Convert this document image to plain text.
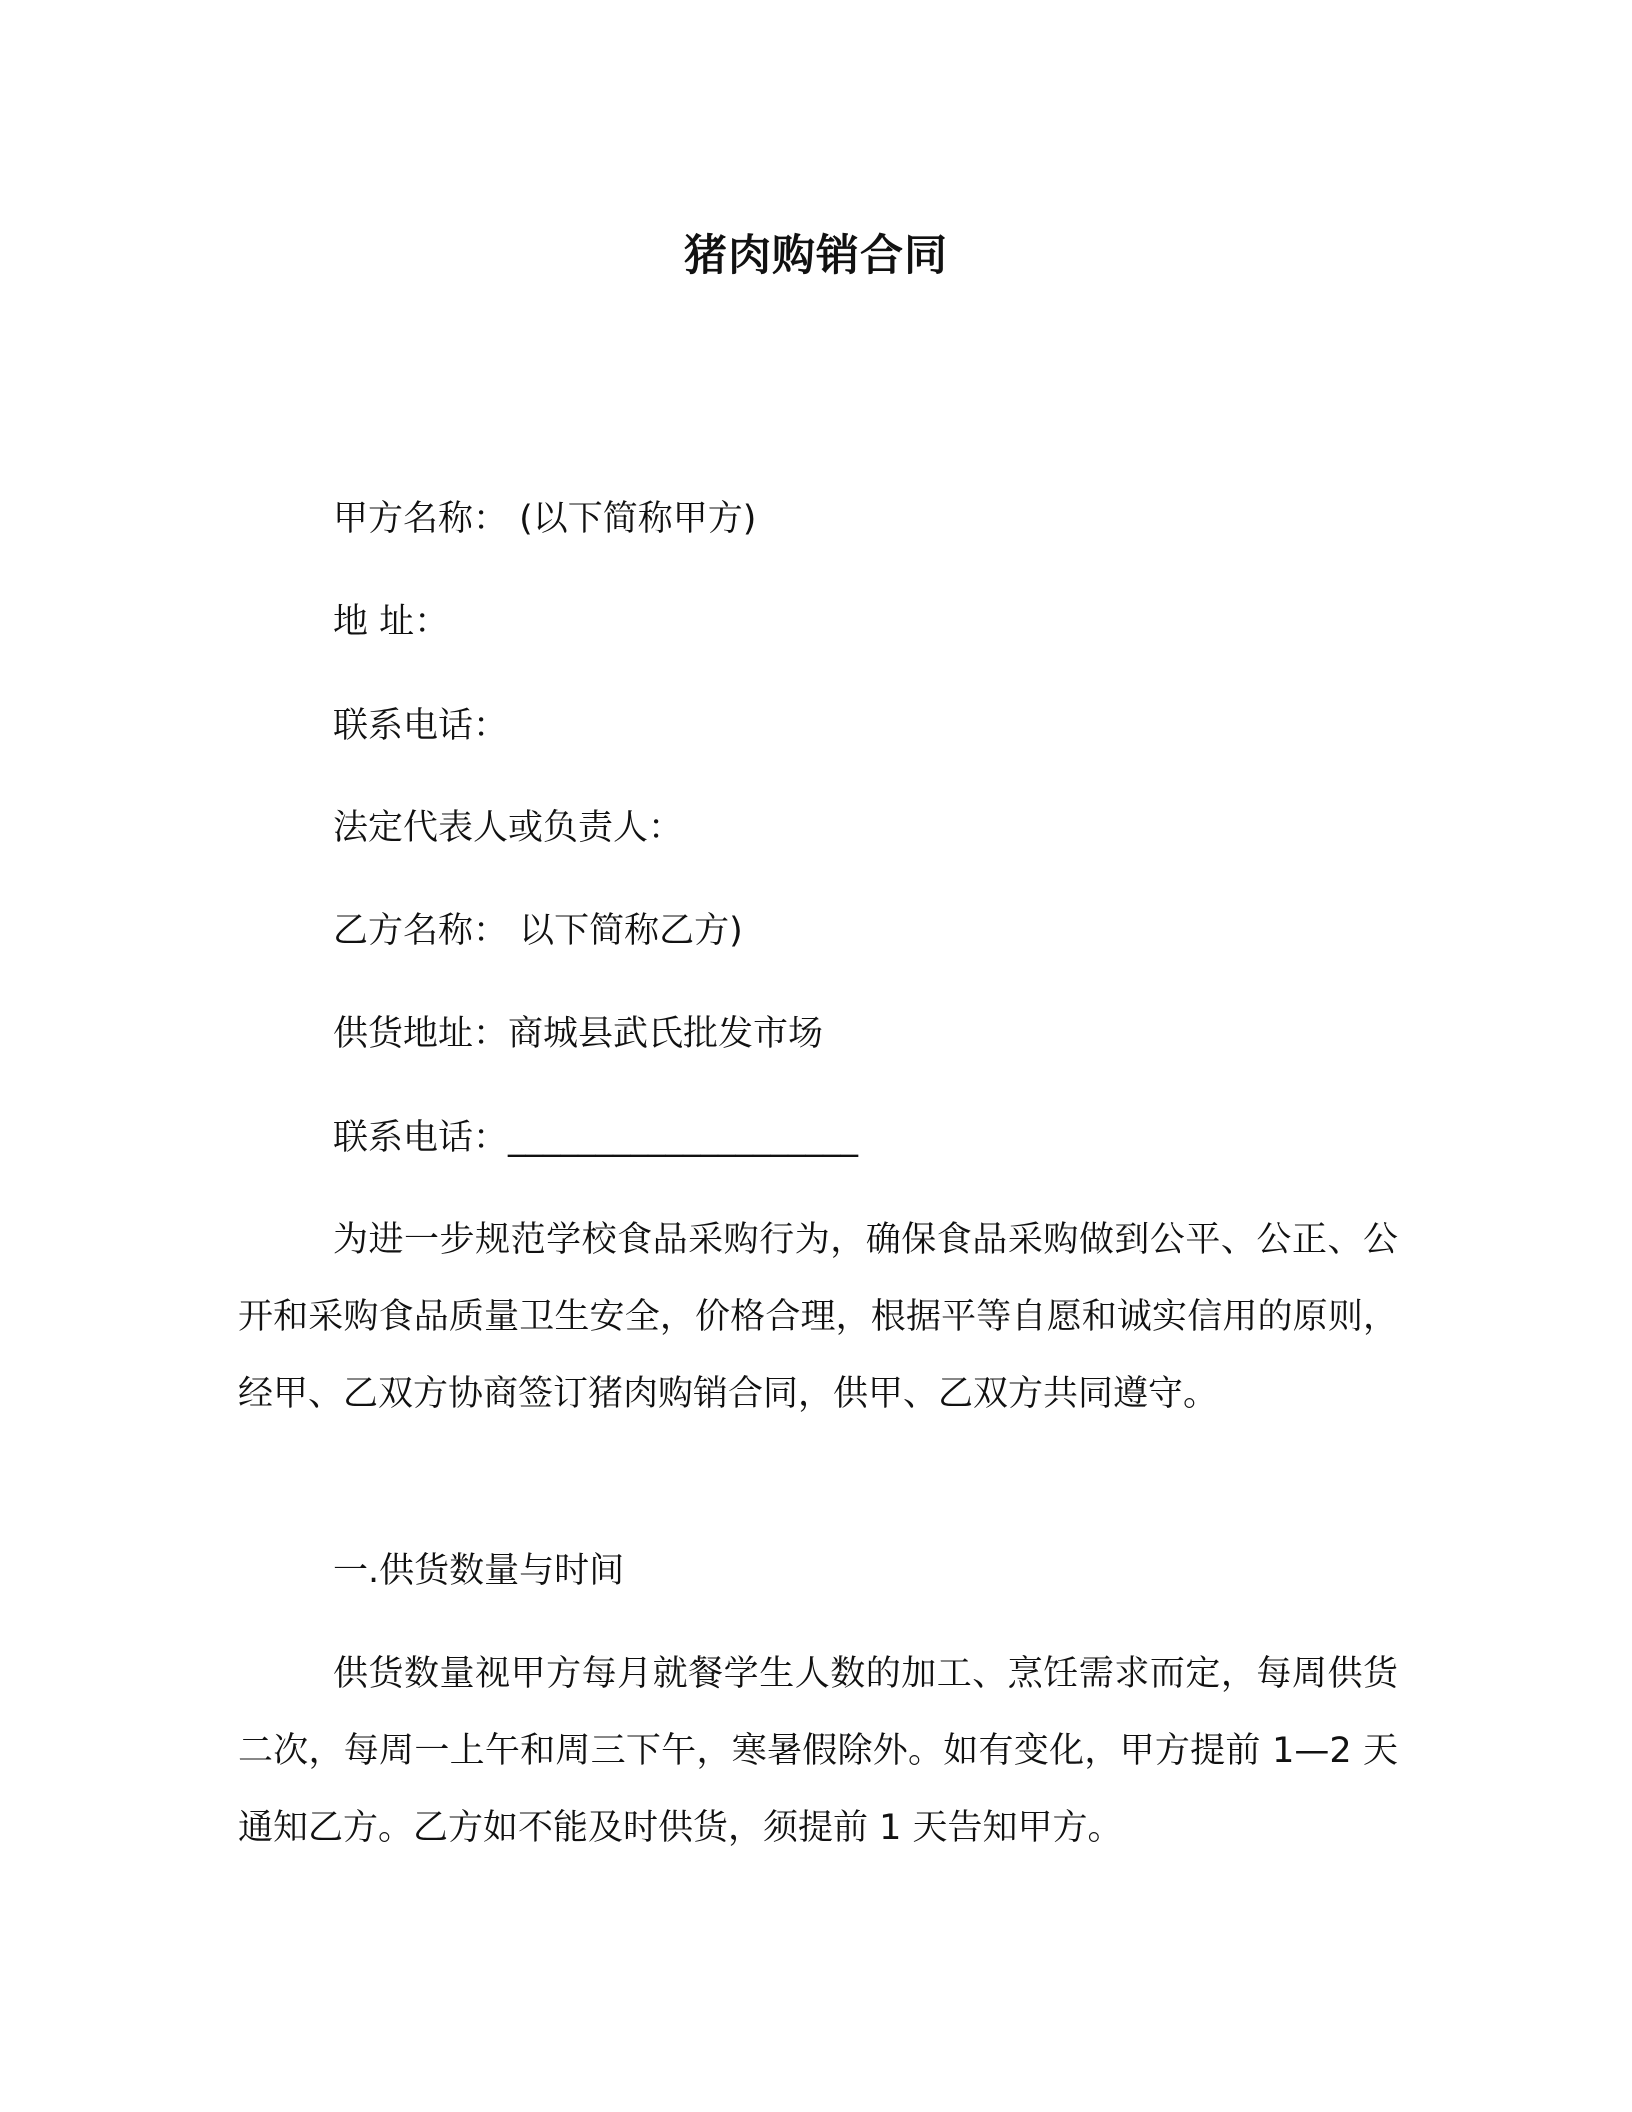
猪肉购销合同
甲方名称： (以下简称甲方)
地 址：
联系电话：
法定代表人或负责人：
乙方名称： 以下简称乙方)
供货地址：商城县武氏批发市场
联系电话：____________________
为进一步规范学校食品采购行为，确保食品采购做到公平、公正、公开和采购食品质量卫生安全，价格合理，根据平等自愿和诚实信用的原则，经甲、乙双方协商签订猪肉购销合同，供甲、乙双方共同遵守。
一.供货数量与时间
供货数量视甲方每月就餐学生人数的加工、烹饪需求而定，每周供货二次，每周一上午和周三下午，寒暑假除外。如有变化，甲方提前 1—2 天通知乙方。乙方如不能及时供货，须提前 1 天告知甲方。
